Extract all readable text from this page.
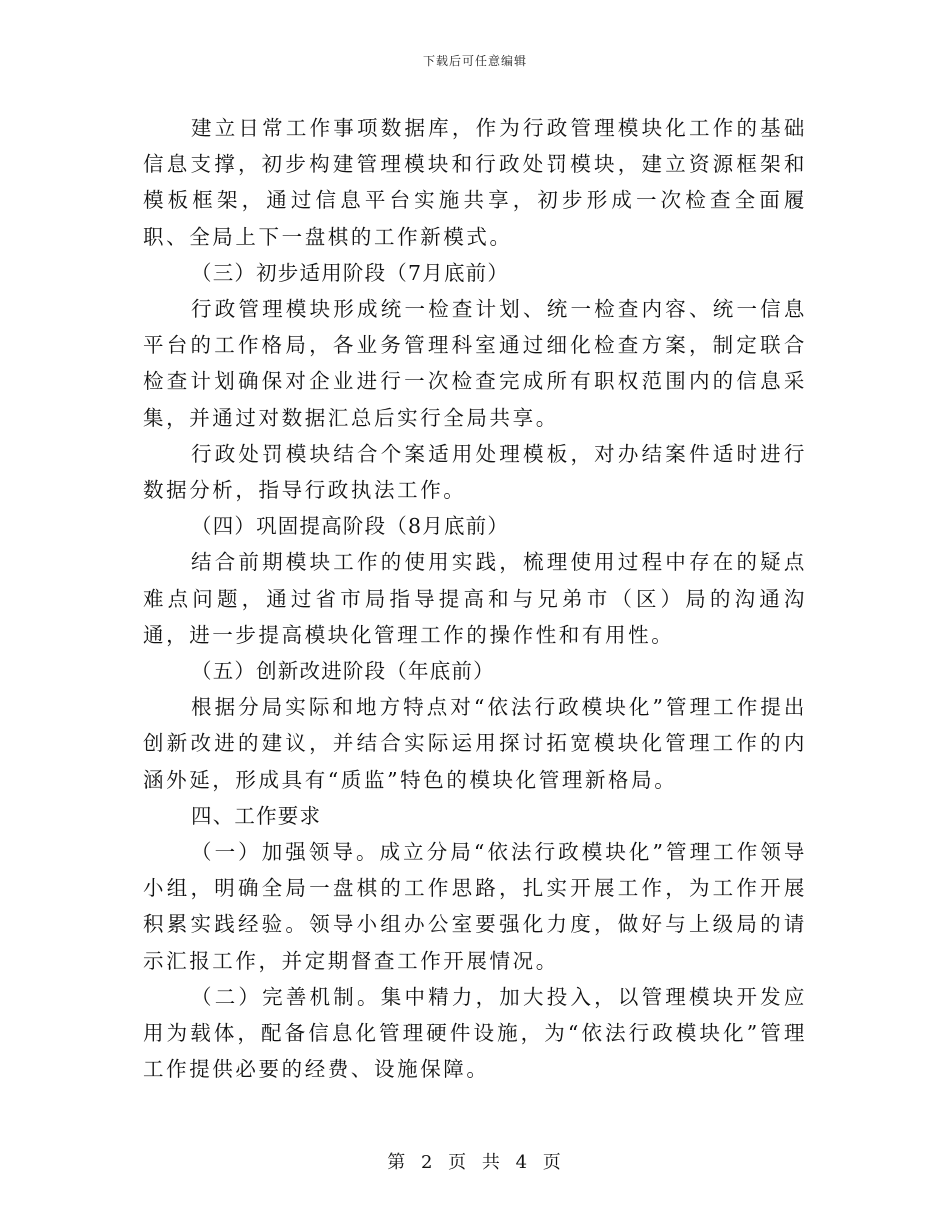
下载后可任意编辑

建立日常工作事项数据库，作为行政管理模块化工作的基础信息支撑，初步构建管理模块和行政处罚模块，建立资源框架和模板框架，通过信息平台实施共享，初步形成一次检查全面履职、全局上下一盘棋的工作新模式。

（三）初步适用阶段（7月底前）

行政管理模块形成统一检查计划、统一检查内容、统一信息平台的工作格局，各业务管理科室通过细化检查方案，制定联合检查计划确保对企业进行一次检查完成所有职权范围内的信息采集，并通过对数据汇总后实行全局共享。

行政处罚模块结合个案适用处理模板，对办结案件适时进行数据分析，指导行政执法工作。

（四）巩固提高阶段（8月底前）

结合前期模块工作的使用实践，梳理使用过程中存在的疑点难点问题，通过省市局指导提高和与兄弟市（区）局的沟通沟通，进一步提高模块化管理工作的操作性和有用性。

（五）创新改进阶段（年底前）

根据分局实际和地方特点对“依法行政模块化”管理工作提出创新改进的建议，并结合实际运用探讨拓宽模块化管理工作的内涵外延，形成具有“质监”特色的模块化管理新格局。

四、工作要求

（一）加强领导。成立分局“依法行政模块化”管理工作领导小组，明确全局一盘棋的工作思路，扎实开展工作，为工作开展积累实践经验。领导小组办公室要强化力度，做好与上级局的请示汇报工作，并定期督查工作开展情况。

（二）完善机制。集中精力，加大投入，以管理模块开发应用为载体，配备信息化管理硬件设施，为“依法行政模块化”管理工作提供必要的经费、设施保障。

第 2 页 共 4 页
